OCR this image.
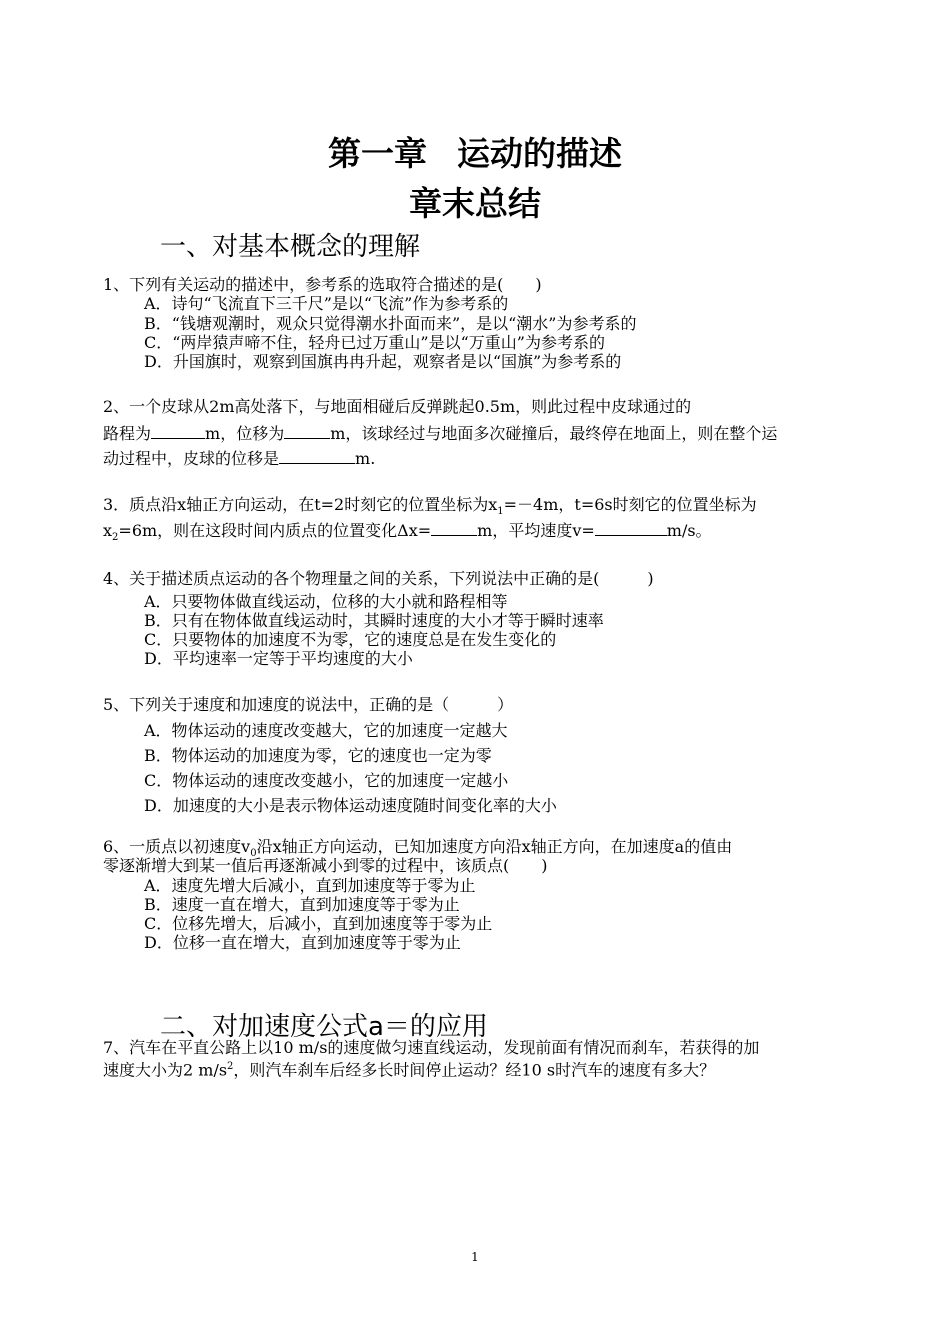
第一章 运动的描述
章末总结
一、对基本概念的理解
1、下列有关运动的描述中，参考系的选取符合描述的是(　　)
A．诗句“飞流直下三千尺”是以“飞流”作为参考系的
B．“钱塘观潮时，观众只觉得潮水扑面而来”，是以“潮水”为参考系的
C．“两岸猿声啼不住，轻舟已过万重山”是以“万重山”为参考系的
D．升国旗时，观察到国旗冉冉升起，观察者是以“国旗”为参考系的
2、一个皮球从2m高处落下，与地面相碰后反弹跳起0.5m，则此过程中皮球通过的
路程为	m，位移为	m，该球经过与地面多次碰撞后，最终停在地面上，则在整个运
动过程中，皮球的位移是	m.
3．质点沿x轴正方向运动，在t=2时刻它的位置坐标为$x_1=-4m$，t=6s时刻它的位置坐标为
$x_2=6m$，则在这段时间内质点的位置变化Δx=	m，平均速度v=	m/s。
4、关于描述质点运动的各个物理量之间的关系，下列说法中正确的是(　　　)
A．只要物体做直线运动，位移的大小就和路程相等
B．只有在物体做直线运动时，其瞬时速度的大小才等于瞬时速率
C．只要物体的加速度不为零，它的速度总是在发生变化的
D．平均速率一定等于平均速度的大小
5、下列关于速度和加速度的说法中，正确的是（　　　）
A．物体运动的速度改变越大，它的加速度一定越大
B．物体运动的加速度为零，它的速度也一定为零
C．物体运动的速度改变越小，它的加速度一定越小
D．加速度的大小是表示物体运动速度随时间变化率的大小
6、一质点以初速度$v_0$沿x轴正方向运动，已知加速度方向沿x轴正方向，在加速度a的值由
零逐渐增大到某一值后再逐渐减小到零的过程中，该质点(　　)
A．速度先增大后减小，直到加速度等于零为止
B．速度一直在增大，直到加速度等于零为止
C．位移先增大，后减小，直到加速度等于零为止
D．位移一直在增大，直到加速度等于零为止
二、对加速度公式a＝的应用
7、汽车在平直公路上以10 m/s的速度做匀速直线运动，发现前面有情况而刹车，若获得的加
速度大小为2 $m/s^2$，则汽车刹车后经多长时间停止运动？经10 s时汽车的速度有多大？
1
